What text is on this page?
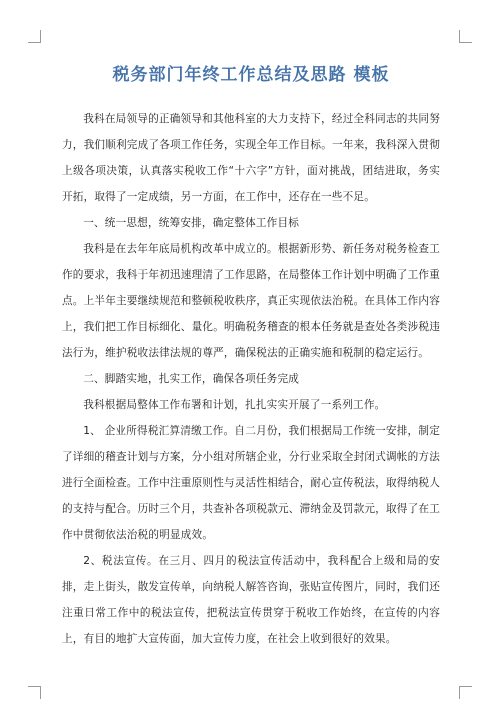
税务部门年终工作总结及思路 模板

我科在局领导的正确领导和其他科室的大力支持下，经过全科同志的共同努力，我们顺利完成了各项工作任务，实现全年工作目标。一年来，我科深入贯彻上级各项决策，认真落实税收工作“十六字”方针，面对挑战，团结进取，务实开拓，取得了一定成绩，另一方面，在工作中，还存在一些不足。

一、统一思想，统筹安排，确定整体工作目标

我科是在去年年底局机构改革中成立的。根据新形势、新任务对税务检查工作的要求，我科于年初迅速理清了工作思路，在局整体工作计划中明确了工作重点。上半年主要继续规范和整顿税收秩序，真正实现依法治税。在具体工作内容上，我们把工作目标细化、量化。明确税务稽查的根本任务就是查处各类涉税违法行为，维护税收法律法规的尊严，确保税法的正确实施和税制的稳定运行。

二、脚踏实地，扎实工作，确保各项任务完成

我科根据局整体工作布署和计划，扎扎实实开展了一系列工作。

1、 企业所得税汇算清缴工作。自二月份，我们根据局工作统一安排，制定了详细的稽查计划与方案，分小组对所辖企业，分行业采取全封闭式调帐的方法进行全面检查。工作中注重原则性与灵活性相结合，耐心宣传税法，取得纳税人的支持与配合。历时三个月，共查补各项税款元、滞纳金及罚款元，取得了在工作中贯彻依法治税的明显成效。

2、税法宣传。在三月、四月的税法宣传活动中，我科配合上级和局的安排，走上街头，散发宣传单，向纳税人解答咨询，张贴宣传图片，同时，我们还注重日常工作中的税法宣传，把税法宣传贯穿于税收工作始终，在宣传的内容上，有目的地扩大宣传面，加大宣传力度，在社会上收到很好的效果。
